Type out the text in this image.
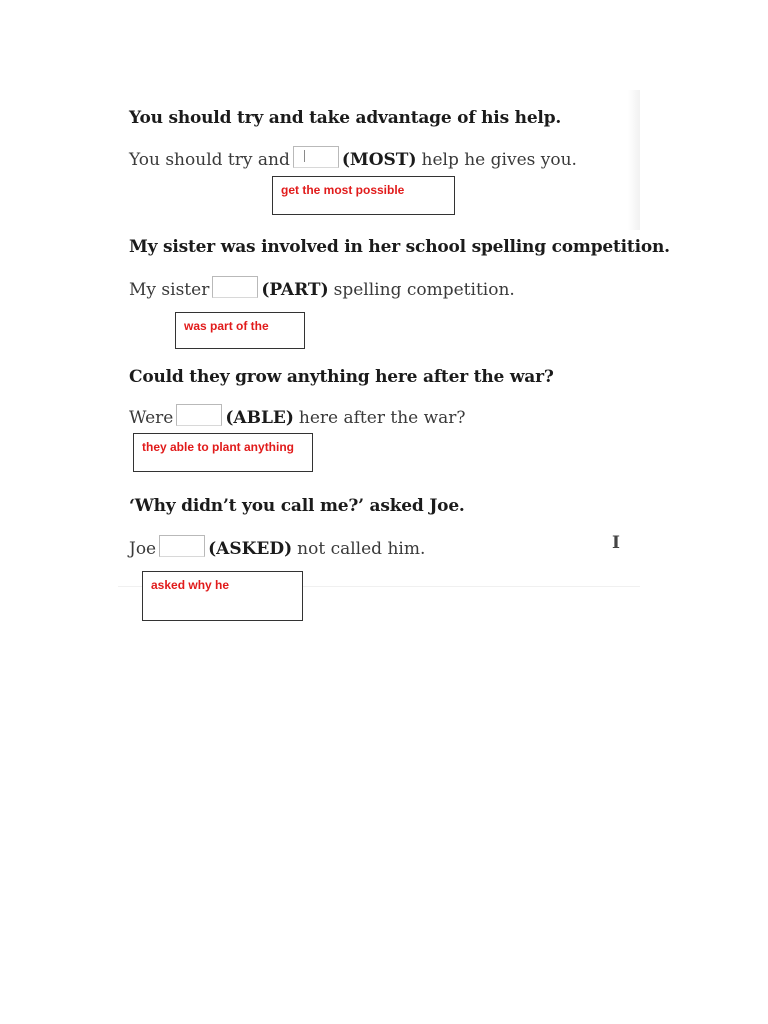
You should try and take advantage of his help.
You should try and	(MOST) help he gives you.
get the most possible
My sister was involved in her school spelling competition.
My sister	(PART) spelling competition.
was part of the
Could they grow anything here after the war?
Were	(ABLE) here after the war?
they able to plant anything
‘Why didn’t you call me?’ asked Joe.
Joe	(ASKED) not called him.
asked why he
I
